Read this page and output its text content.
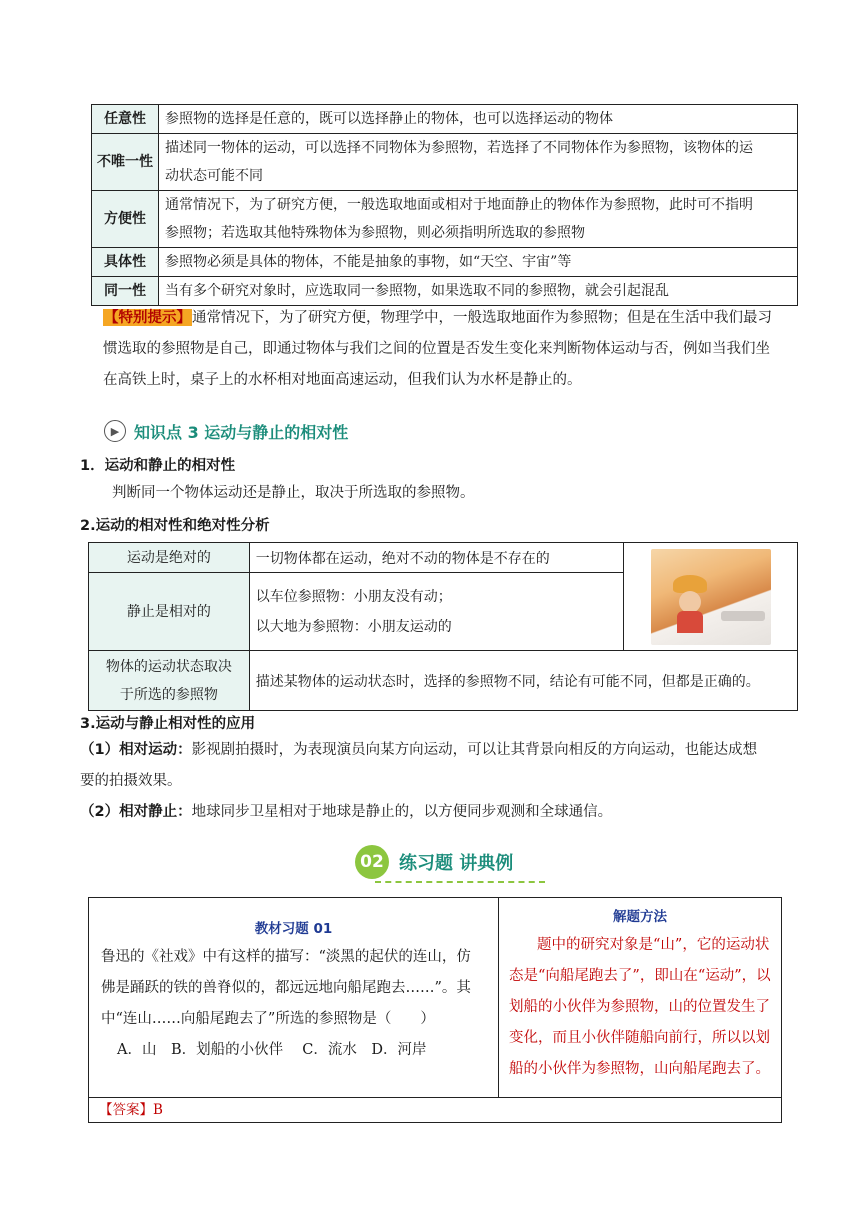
任意性	参照物的选择是任意的，既可以选择静止的物体，也可以选择运动的物体
不唯一性	描述同一物体的运动，可以选择不同物体为参照物，若选择了不同物体作为参照物，该物体的运
动状态可能不同

方便性	通常情况下，为了研究方便，一般选取地面或相对于地面静止的物体作为参照物，此时可不指明
参照物；若选取其他特殊物体为参照物，则必须指明所选取的参照物

具体性	参照物必须是具体的物体，不能是抽象的事物，如“天空、宇宙”等
同一性	当有多个研究对象时，应选取同一参照物，如果选取不同的参照物，就会引起混乱
【特别提示】通常情况下，为了研究方便，物理学中，一般选取地面作为参照物；但是在生活中我们最习
惯选取的参照物是自己，即通过物体与我们之间的位置是否发生变化来判断物体运动与否，例如当我们坐
在高铁上时，桌子上的水杯相对地面高速运动，但我们认为水杯是静止的。
▶ 知识点 3 运动与静止的相对性
1．运动和静止的相对性
判断同一个物体运动还是静止，取决于所选取的参照物。
2.运动的相对性和绝对性分析
运动是绝对的	一切物体都在运动，绝对不动的物体是不存在的	

静止是相对的	以车位参照物：小朋友没有动；
以大地为参照物：小朋友运动的	

物体的运动状态取决
于所选的参照物	描述某物体的运动状态时，选择的参照物不同，结论有可能不同，但都是正确的。	
3.运动与静止相对性的应用
（1）相对运动：影视剧拍摄时，为表现演员向某方向运动，可以让其背景向相反的方向运动，也能达成想
要的拍摄效果。
（2）相对静止：地球同步卫星相对于地球是静止的，以方便同步观测和全球通信。
02 练习题 讲典例
教材习题 01
鲁迅的《社戏》中有这样的描写：“淡黑的起伏的连山，仿
佛是踊跃的铁的兽脊似的，都远远地向船尾跑去……”。其
中“连山……向船尾跑去了”所选的参照物是（　　）
A．山　B．划船的小伙伴　 C．流水　D．河岸

解题方法
题中的研究对象是“山”，它的运动状
态是“向船尾跑去了”，即山在“运动”，以
划船的小伙伴为参照物，山的位置发生了
变化，而且小伙伴随船向前行，所以以划
船的小伙伴为参照物，山向船尾跑去了。

【答案】B
